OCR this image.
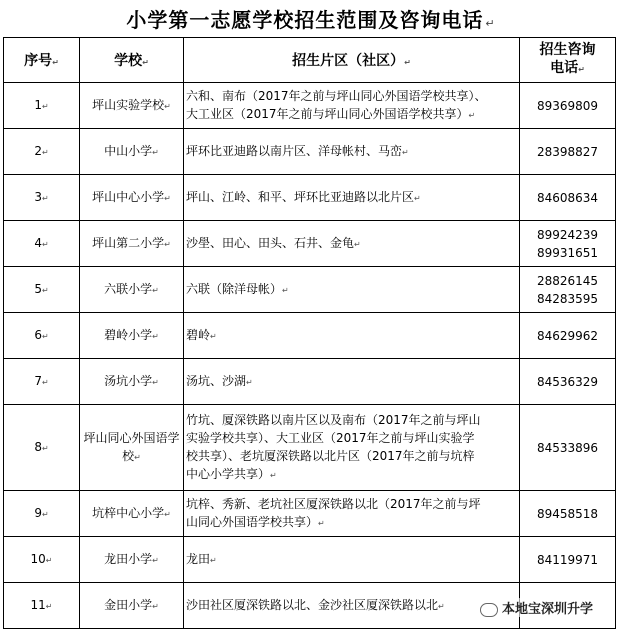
小学第一志愿学校招生范围及咨询电话 ↵
序号↵	学校↵	招生片区（社区）↵	招生咨询
电话↵
1↵	坪山实验学校↵	六和、南布（2017年之前与坪山同心外国语学校共享）、
大工业区（2017年之前与坪山同心外国语学校共享）↵	89369809

2↵	中山小学↵	坪环比亚迪路以南片区、洋母帐村、马峦↵	28398827

3↵	坪山中心小学↵	坪山、江岭、和平、坪环比亚迪路以北片区↵	84608634

4↵	坪山第二小学↵	沙壆、田心、田头、石井、金龟↵	89924239
89931651

5↵	六联小学↵	六联（除洋母帐）↵	28826145
84283595

6↵	碧岭小学↵	碧岭↵	84629962

7↵	汤坑小学↵	汤坑、沙湖↵	84536329

8↵	坪山同心外国语学校↵	竹坑、厦深铁路以南片区以及南布（2017年之前与坪山
实验学校共享）、大工业区（2017年之前与坪山实验学
校共享）、老坑厦深铁路以北片区（2017年之前与坑梓
中心小学共享）↵	84533896

9↵	坑梓中心小学↵	坑梓、秀新、老坑社区厦深铁路以北（2017年之前与坪
山同心外国语学校共享）↵	89458518

10↵	龙田小学↵	龙田↵	84119971

11↵	金田小学↵	沙田社区厦深铁路以北、金沙社区厦深铁路以北↵		本地宝深圳升学
